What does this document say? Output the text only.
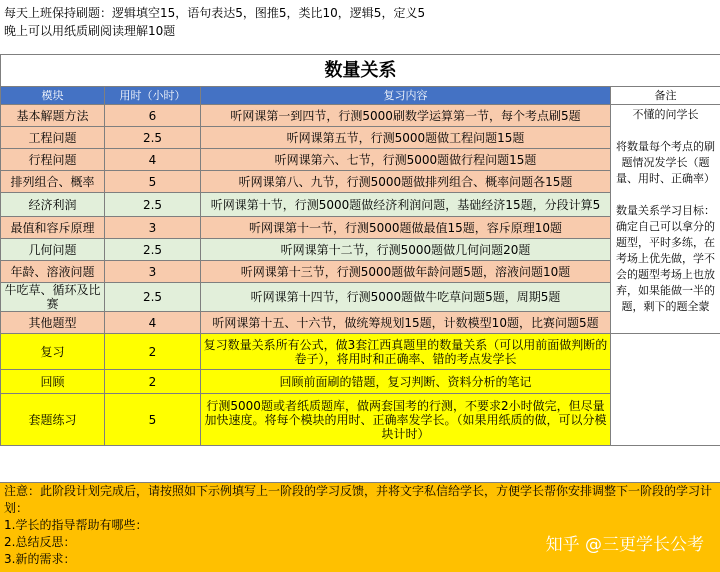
每天上班保持刷题：逻辑填空15，语句表达5，图推5，类比10，逻辑5，定义5
晚上可以用纸质刷阅读理解10题
数量关系			
模块	用时（小时）	复习内容	备注
基本解题方法	6	听网课第一到四节，行测5000刷数学运算第一节，每个考点刷5题	不懂的问学长

将数量每个考点的刷题情况发学长（题量、用时、正确率）

数量关系学习目标：确定自己可以拿分的题型，平时多练，在考场上优先做，学不会的题型考场上也放弃，如果能做一半的题，剩下的题全蒙
工程问题	2.5	听网课第五节，行测5000题做工程问题15题	
行程问题	4	听网课第六、七节，行测5000题做行程问题15题	
排列组合、概率	5	听网课第八、九节，行测5000题做排列组合、概率问题各15题	
经济利润	2.5	听网课第十节，行测5000题做经济利润问题，基础经济15题，分段计算5	
最值和容斥原理	3	听网课第十一节，行测5000题做最值15题，容斥原理10题	
几何问题	2.5	听网课第十二节，行测5000题做几何问题20题	
年龄、溶液问题	3	听网课第十三节，行测5000题做年龄问题5题，溶液问题10题	
牛吃草、循环及比赛	2.5	听网课第十四节，行测5000题做牛吃草问题5题，周期5题	
其他题型	4	听网课第十五、十六节，做统筹规划15题，计数模型10题，比赛问题5题	
复习	2	复习数量关系所有公式，做3套江西真题里的数量关系（可以用前面做判断的卷子），将用时和正确率、错的考点发学长	
回顾	2	回顾前面刷的错题，复习判断、资料分析的笔记	
套题练习	5	行测5000题或者纸质题库，做两套国考的行测，不要求2小时做完，但尽量加快速度。将每个模块的用时、正确率发学长。（如果用纸质的做，可以分模块计时）	
注意：此阶段计划完成后，请按照如下示例填写上一阶段的学习反馈，并将文字私信给学长，方便学长帮你安排调整下一阶段的学习计划：
1.学长的指导帮助有哪些：
2.总结反思：
3.新的需求：
知乎 @三更学长公考
